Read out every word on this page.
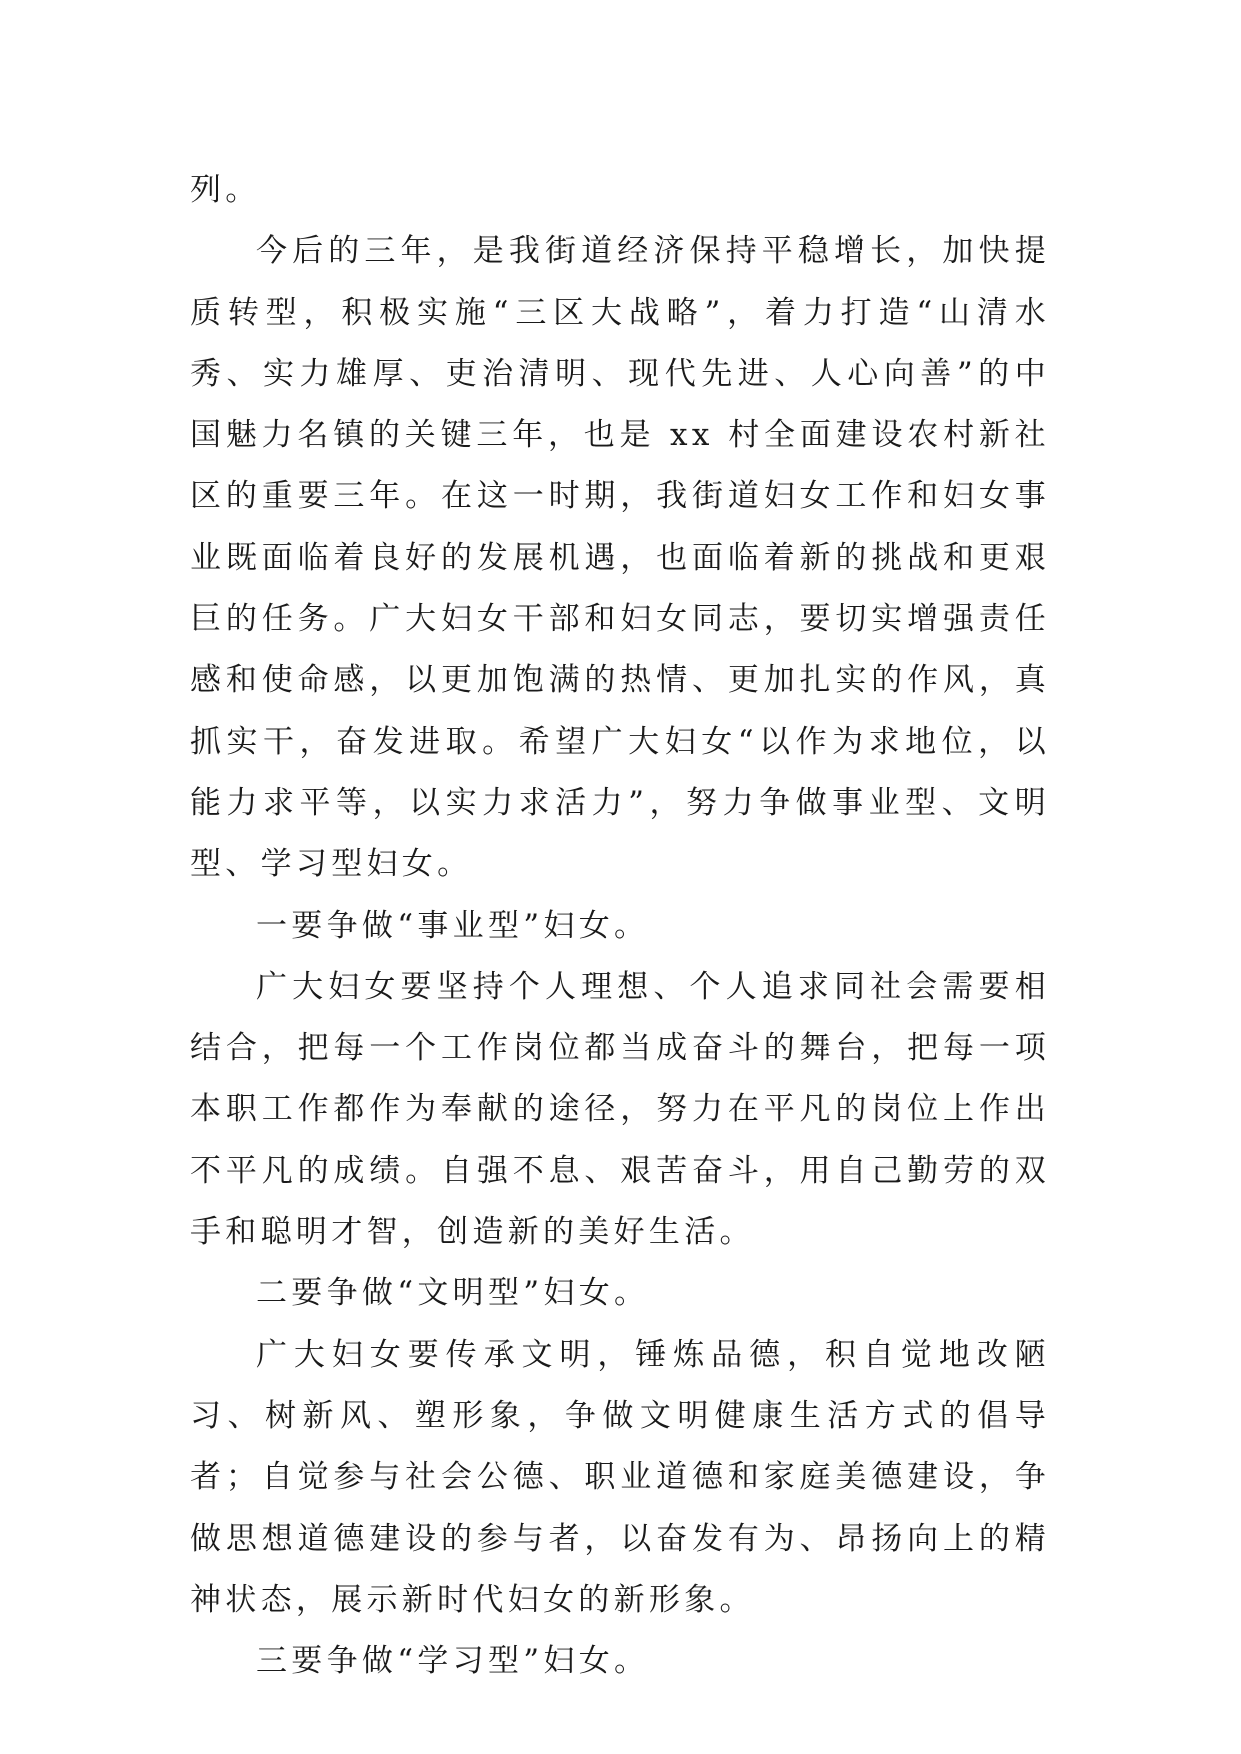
列。

今后的三年，是我街道经济保持平稳增长，加快提质转型，积极实施“三区大战略”，着力打造“山清水秀、实力雄厚、吏治清明、现代先进、人心向善”的中国魅力名镇的关键三年，也是 xx 村全面建设农村新社区的重要三年。在这一时期，我街道妇女工作和妇女事业既面临着良好的发展机遇，也面临着新的挑战和更艰巨的任务。广大妇女干部和妇女同志，要切实增强责任感和使命感，以更加饱满的热情、更加扎实的作风，真抓实干，奋发进取。希望广大妇女“以作为求地位，以能力求平等，以实力求活力”，努力争做事业型、文明型、学习型妇女。

一要争做“事业型”妇女。

广大妇女要坚持个人理想、个人追求同社会需要相结合，把每一个工作岗位都当成奋斗的舞台，把每一项本职工作都作为奉献的途径，努力在平凡的岗位上作出不平凡的成绩。自强不息、艰苦奋斗，用自己勤劳的双手和聪明才智，创造新的美好生活。

二要争做“文明型”妇女。

广大妇女要传承文明，锤炼品德，积自觉地改陋习、树新风、塑形象，争做文明健康生活方式的倡导者；自觉参与社会公德、职业道德和家庭美德建设，争做思想道德建设的参与者，以奋发有为、昂扬向上的精神状态，展示新时代妇女的新形象。

三要争做“学习型”妇女。
